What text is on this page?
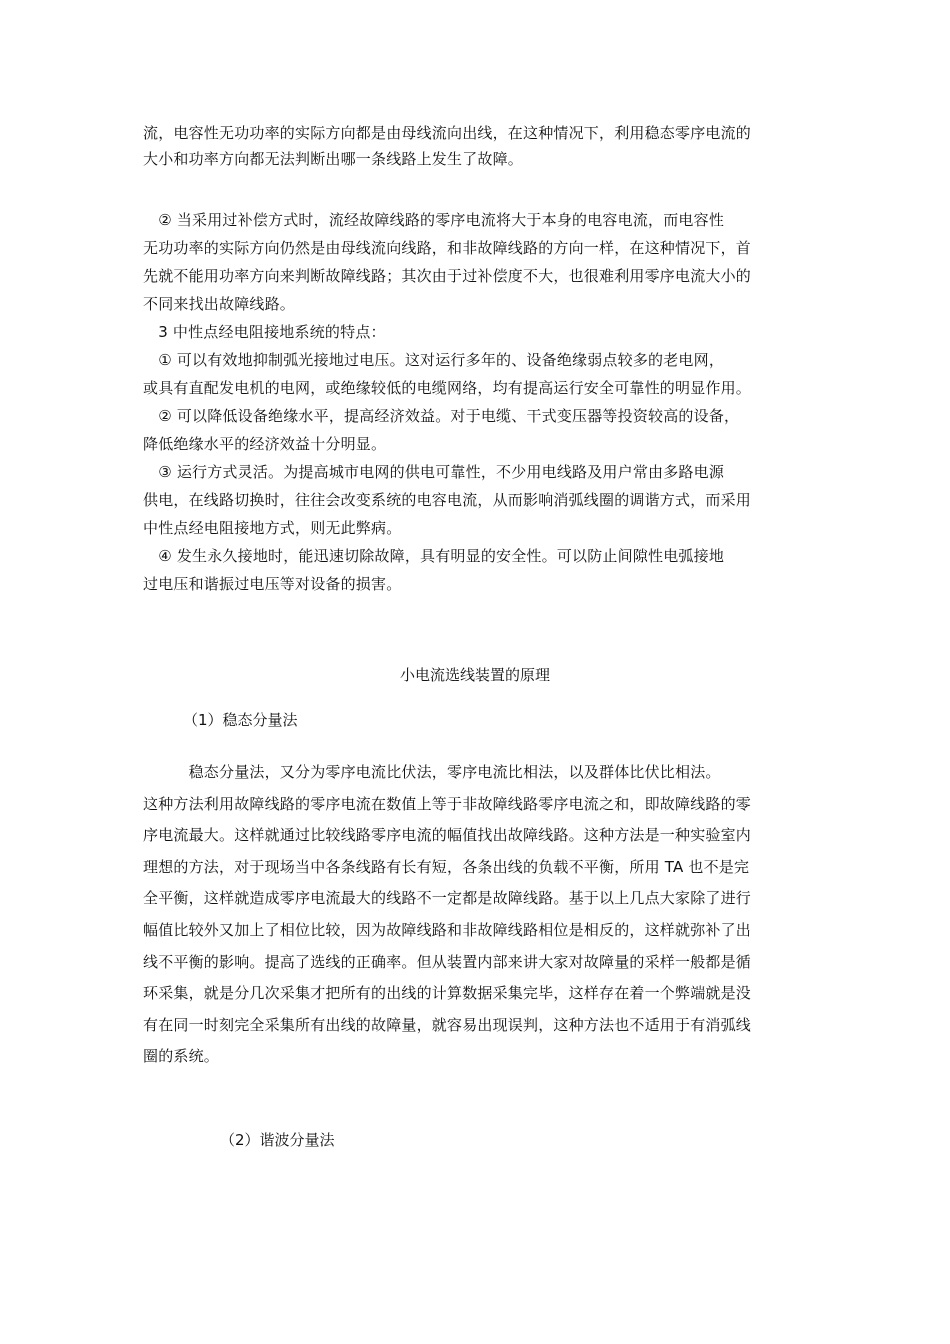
流，电容性无功功率的实际方向都是由母线流向出线，在这种情况下，利用稳态零序电流的
大小和功率方向都无法判断出哪一条线路上发生了故障。
　② 当采用过补偿方式时，流经故障线路的零序电流将大于本身的电容电流，而电容性
无功功率的实际方向仍然是由母线流向线路，和非故障线路的方向一样，在这种情况下，首
先就不能用功率方向来判断故障线路；其次由于过补偿度不大，也很难利用零序电流大小的
不同来找出故障线路。
　3 中性点经电阻接地系统的特点：
　① 可以有效地抑制弧光接地过电压。这对运行多年的、设备绝缘弱点较多的老电网，
或具有直配发电机的电网，或绝缘较低的电缆网络，均有提高运行安全可靠性的明显作用。
　② 可以降低设备绝缘水平，提高经济效益。对于电缆、干式变压器等投资较高的设备，
降低绝缘水平的经济效益十分明显。
　③ 运行方式灵活。为提高城市电网的供电可靠性，不少用电线路及用户常由多路电源
供电，在线路切换时，往往会改变系统的电容电流，从而影响消弧线圈的调谐方式，而采用
中性点经电阻接地方式，则无此弊病。
　④ 发生永久接地时，能迅速切除故障，具有明显的安全性。可以防止间隙性电弧接地
过电压和谐振过电压等对设备的损害。
小电流选线装置的原理
（1）稳态分量法
　　　稳态分量法，又分为零序电流比伏法，零序电流比相法，以及群体比伏比相法。
这种方法利用故障线路的零序电流在数值上等于非故障线路零序电流之和，即故障线路的零
序电流最大。这样就通过比较线路零序电流的幅值找出故障线路。这种方法是一种实验室内
理想的方法，对于现场当中各条线路有长有短，各条出线的负载不平衡，所用 TA 也不是完
全平衡，这样就造成零序电流最大的线路不一定都是故障线路。基于以上几点大家除了进行
幅值比较外又加上了相位比较，因为故障线路和非故障线路相位是相反的，这样就弥补了出
线不平衡的影响。提高了选线的正确率。但从装置内部来讲大家对故障量的采样一般都是循
环采集，就是分几次采集才把所有的出线的计算数据采集完毕，这样存在着一个弊端就是没
有在同一时刻完全采集所有出线的故障量，就容易出现误判，这种方法也不适用于有消弧线
圈的系统。
（2）谐波分量法
